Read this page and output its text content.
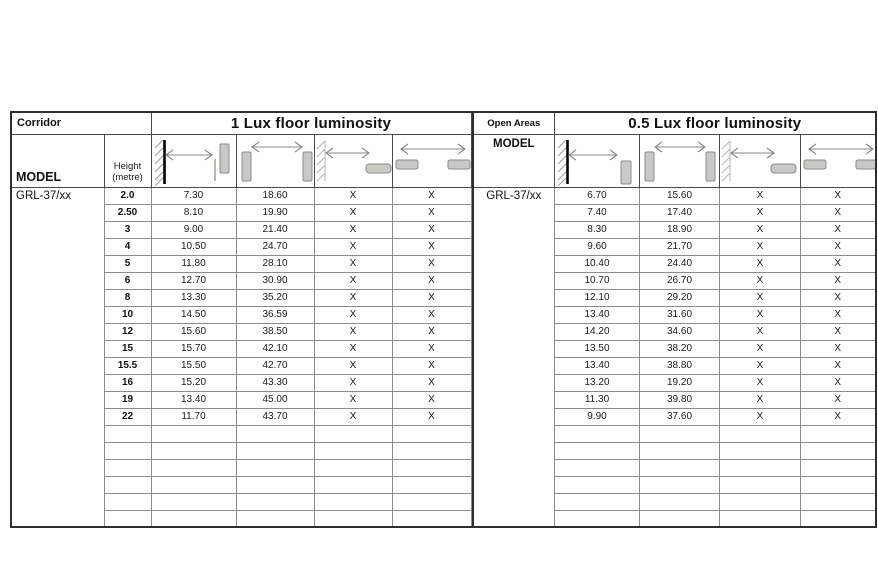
Corridor		1 Lux floor luminosity			
MODEL	Height
(metre)

GRL-37/xx	2.0	7.30	18.60	X	X
	2.50	8.10	19.90	X	X
	3	9.00	21.40	X	X
	4	10.50	24.70	X	X
	5	11.80	28.10	X	X
	6	12.70	30.90	X	X
	8	13.30	35.20	X	X
	10	14.50	36.59	X	X
	12	15.60	38.50	X	X
	15	15.70	42.10	X	X
	15.5	15.50	42.70	X	X
	16	15.20	43.30	X	X
	19	13.40	45.00	X	X
	22	11.70	43.70	X	X

Open Areas	0.5 Lux floor luminosity			
MODEL	

GRL-37/xx	6.70	15.60	X	X
	7.40	17.40	X	X
	8.30	18.90	X	X
	9.60	21.70	X	X
	10.40	24.40	X	X
	10.70	26.70	X	X
	12.10	29.20	X	X
	13.40	31.60	X	X
	14.20	34.60	X	X
	13.50	38.20	X	X
	13.40	38.80	X	X
	13.20	19.20	X	X
	11.30	39.80	X	X
	9.90	37.60	X	X
